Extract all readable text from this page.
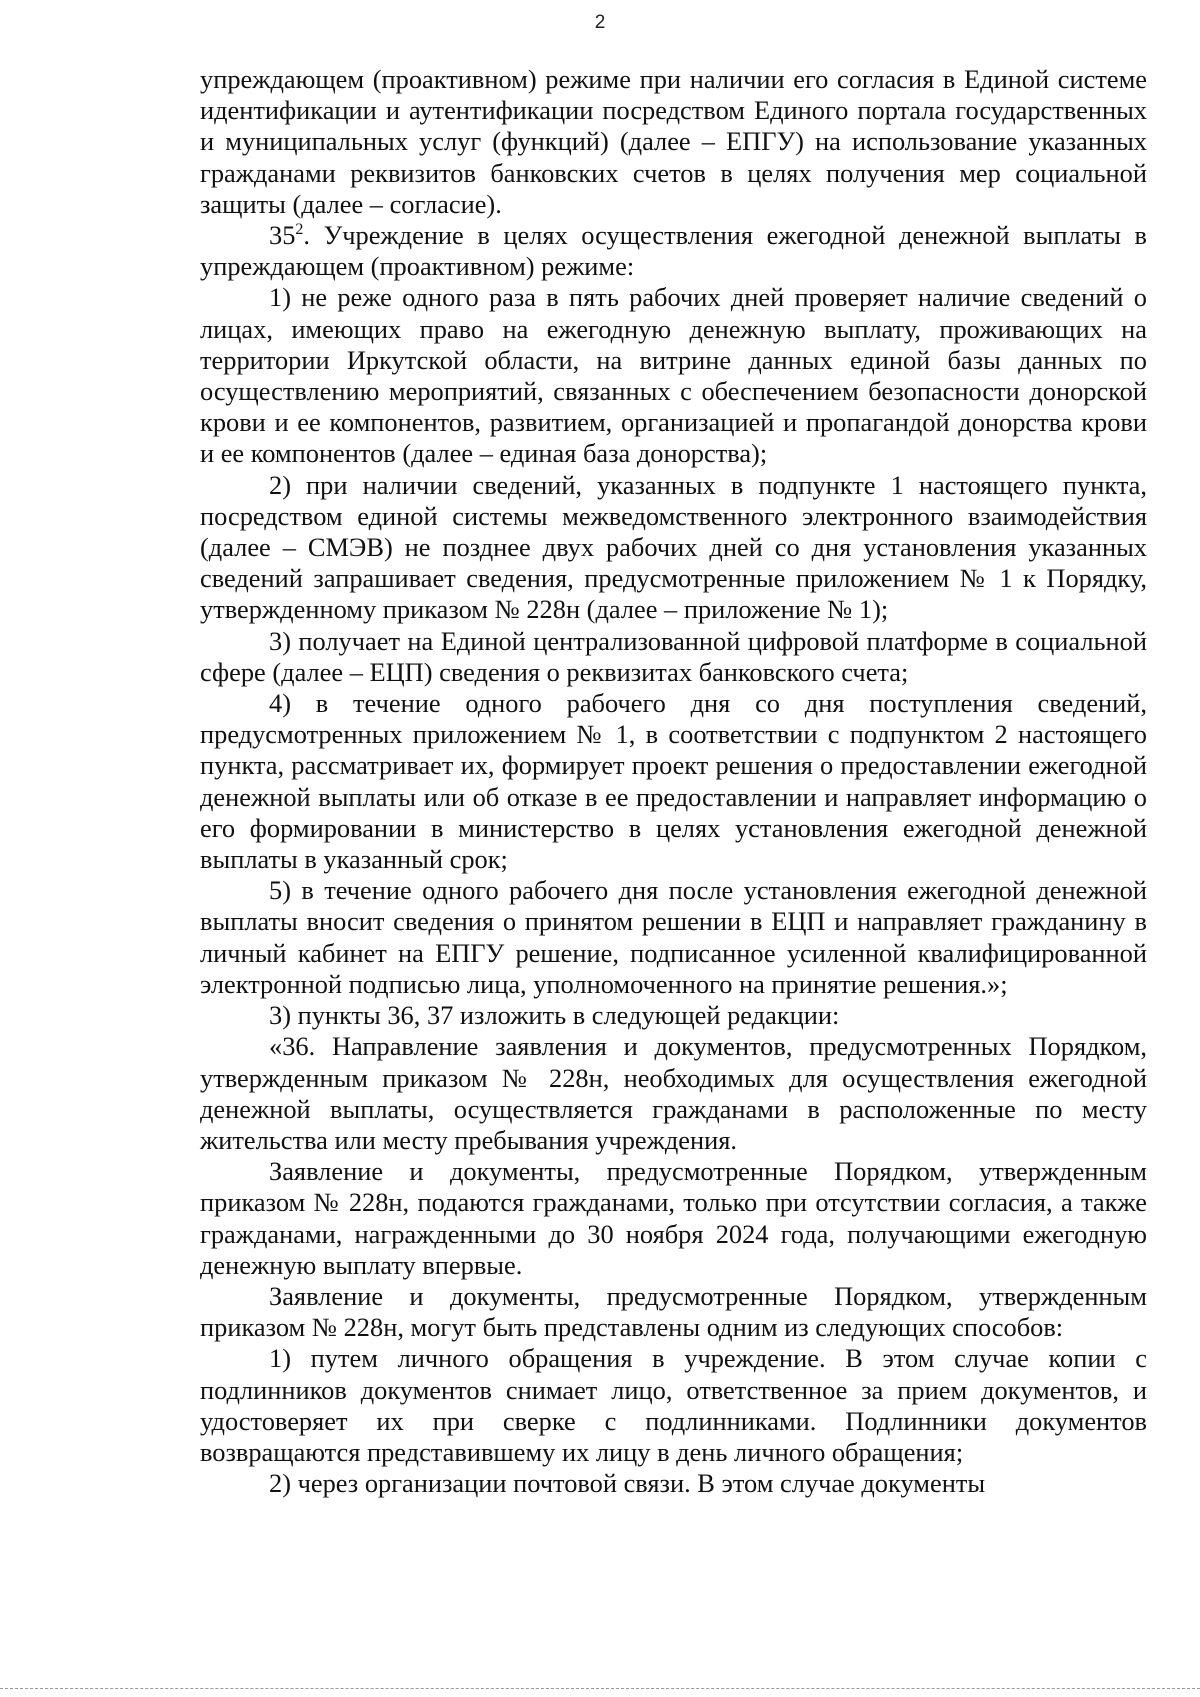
2

упреждающем (проактивном) режиме при наличии его согласия в Единой системе идентификации и аутентификации посредством Единого портала государственных и муниципальных услуг (функций) (далее – ЕПГУ) на использование указанных гражданами реквизитов банковских счетов в целях получения мер социальной защиты (далее – согласие).

$35^2$. Учреждение в целях осуществления ежегодной денежной выплаты в упреждающем (проактивном) режиме:

1) не реже одного раза в пять рабочих дней проверяет наличие сведений о лицах, имеющих право на ежегодную денежную выплату, проживающих на территории Иркутской области, на витрине данных единой базы данных по осуществлению мероприятий, связанных с обеспечением безопасности донорской крови и ее компонентов, развитием, организацией и пропагандой донорства крови и ее компонентов (далее – единая база донорства);

2) при наличии сведений, указанных в подпункте 1 настоящего пункта, посредством единой системы межведомственного электронного взаимодействия (далее – СМЭВ) не позднее двух рабочих дней со дня установления указанных сведений запрашивает сведения, предусмотренные приложением № 1 к Порядку, утвержденному приказом № 228н (далее – приложение № 1);

3) получает на Единой централизованной цифровой платформе в социальной сфере (далее – ЕЦП) сведения о реквизитах банковского счета;

4) в течение одного рабочего дня со дня поступления сведений, предусмотренных приложением № 1, в соответствии с подпунктом 2 настоящего пункта, рассматривает их, формирует проект решения о предоставлении ежегодной денежной выплаты или об отказе в ее предоставлении и направляет информацию о его формировании в министерство в целях установления ежегодной денежной выплаты в указанный срок;

5) в течение одного рабочего дня после установления ежегодной денежной выплаты вносит сведения о принятом решении в ЕЦП и направляет гражданину в личный кабинет на ЕПГУ решение, подписанное усиленной квалифицированной электронной подписью лица, уполномоченного на принятие решения.»;

3) пункты 36, 37 изложить в следующей редакции:

«36. Направление заявления и документов, предусмотренных Порядком, утвержденным приказом № 228н, необходимых для осуществления ежегодной денежной выплаты, осуществляется гражданами в расположенные по месту жительства или месту пребывания учреждения.

Заявление и документы, предусмотренные Порядком, утвержденным приказом № 228н, подаются гражданами, только при отсутствии согласия, а также гражданами, награжденными до 30 ноября 2024 года, получающими ежегодную денежную выплату впервые.

Заявление и документы, предусмотренные Порядком, утвержденным приказом № 228н, могут быть представлены одним из следующих способов:

1) путем личного обращения в учреждение. В этом случае копии с подлинников документов снимает лицо, ответственное за прием документов, и удостоверяет их при сверке с подлинниками. Подлинники документов возвращаются представившему их лицу в день личного обращения;

2) через организации почтовой связи. В этом случае документы
